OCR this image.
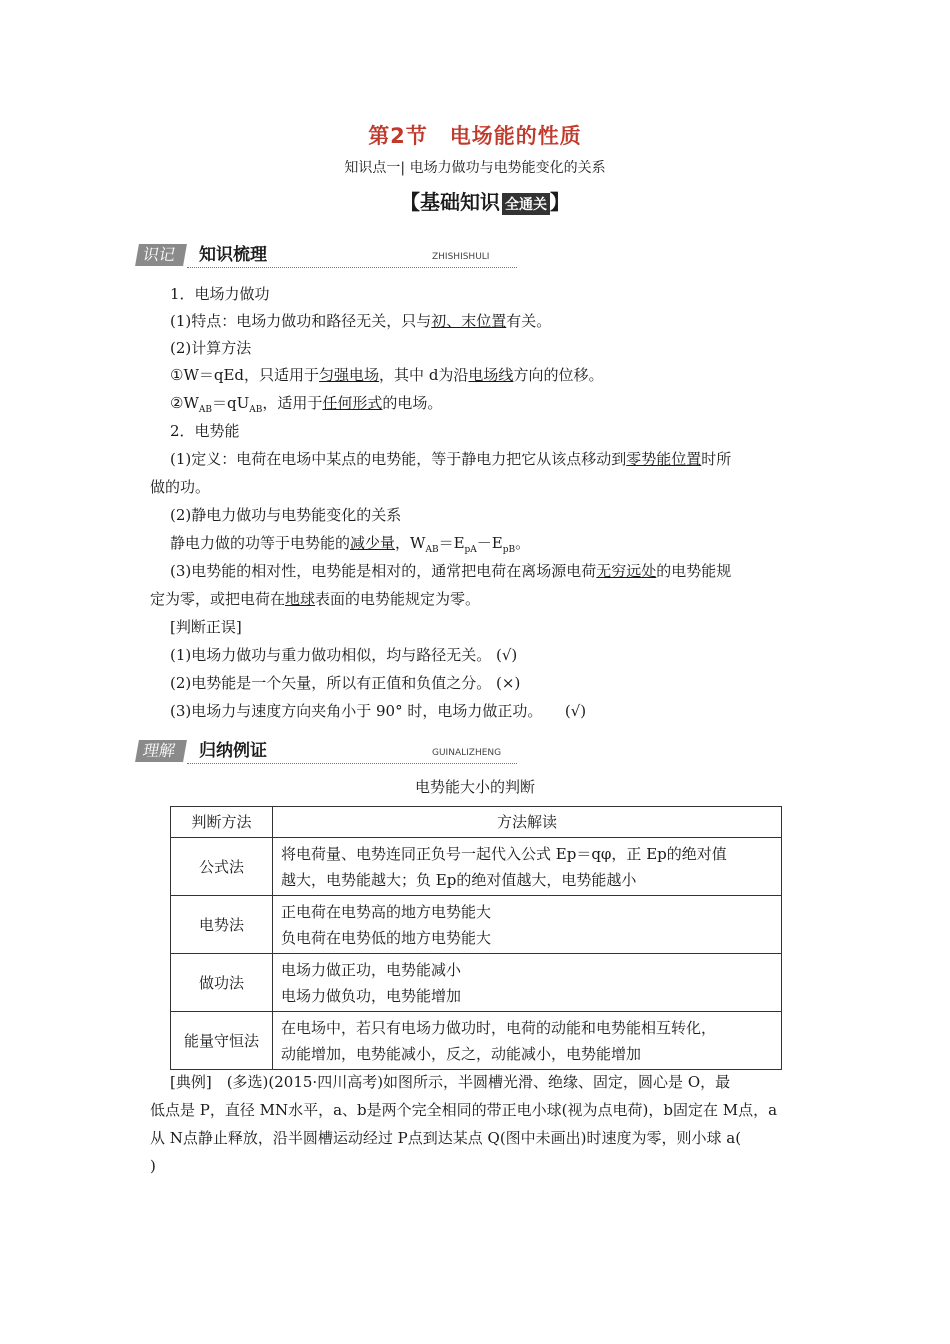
第2节　电场能的性质
知识点一| 电场力做功与电势能变化的关系
【基础知识 全通关 】
识记	知识梳理	ZHISHISHULI
1．电场力做功
(1)特点：电场力做功和路径无关，只与初、末位置有关。
(2)计算方法
①W＝qEd，只适用于匀强电场，其中 d为沿电场线方向的位移。
$②W_{AB}=qU_{AB}$，适用于任何形式的电场。
2．电势能
(1)定义：电荷在电场中某点的电势能，等于静电力把它从该点移动到零势能位置时所
做的功。
(2)静电力做功与电势能变化的关系
静电力做的功等于电势能的减少量，$W_{AB}=E_{pA}-E_{pB}$。
(3)电势能的相对性，电势能是相对的，通常把电荷在离场源电荷无穷远处的电势能规
定为零，或把电荷在地球表面的电势能规定为零。
[判断正误]
(1)电场力做功与重力做功相似，均与路径无关。 (√)
(2)电势能是一个矢量，所以有正值和负值之分。 (×)
(3)电场力与速度方向夹角小于 90° 时，电场力做正功。　　(√)
理解	归纳例证	GUINALIZHENG
电势能大小的判断
判断方法	方法解读
公式法	将电荷量、电势连同正负号一起代入公式 Ep＝qφ，正 Ep的绝对值
越大，电势能越大；负 Ep的绝对值越大，电势能越小

电势法	正电荷在电势高的地方电势能大
负电荷在电势低的地方电势能大

做功法	电场力做正功，电势能减小
电场力做负功，电势能增加

能量守恒法	在电场中，若只有电场力做功时，电荷的动能和电势能相互转化，
动能增加，电势能减小，反之，动能减小，电势能增加
[典例]　(多选)(2015·四川高考)如图所示，半圆槽光滑、绝缘、固定，圆心是 O，最
低点是 P，直径 MN水平，a、b是两个完全相同的带正电小球(视为点电荷)，b固定在 M点，a
从 N点静止释放，沿半圆槽运动经过 P点到达某点 Q(图中未画出)时速度为零，则小球 a(
)
